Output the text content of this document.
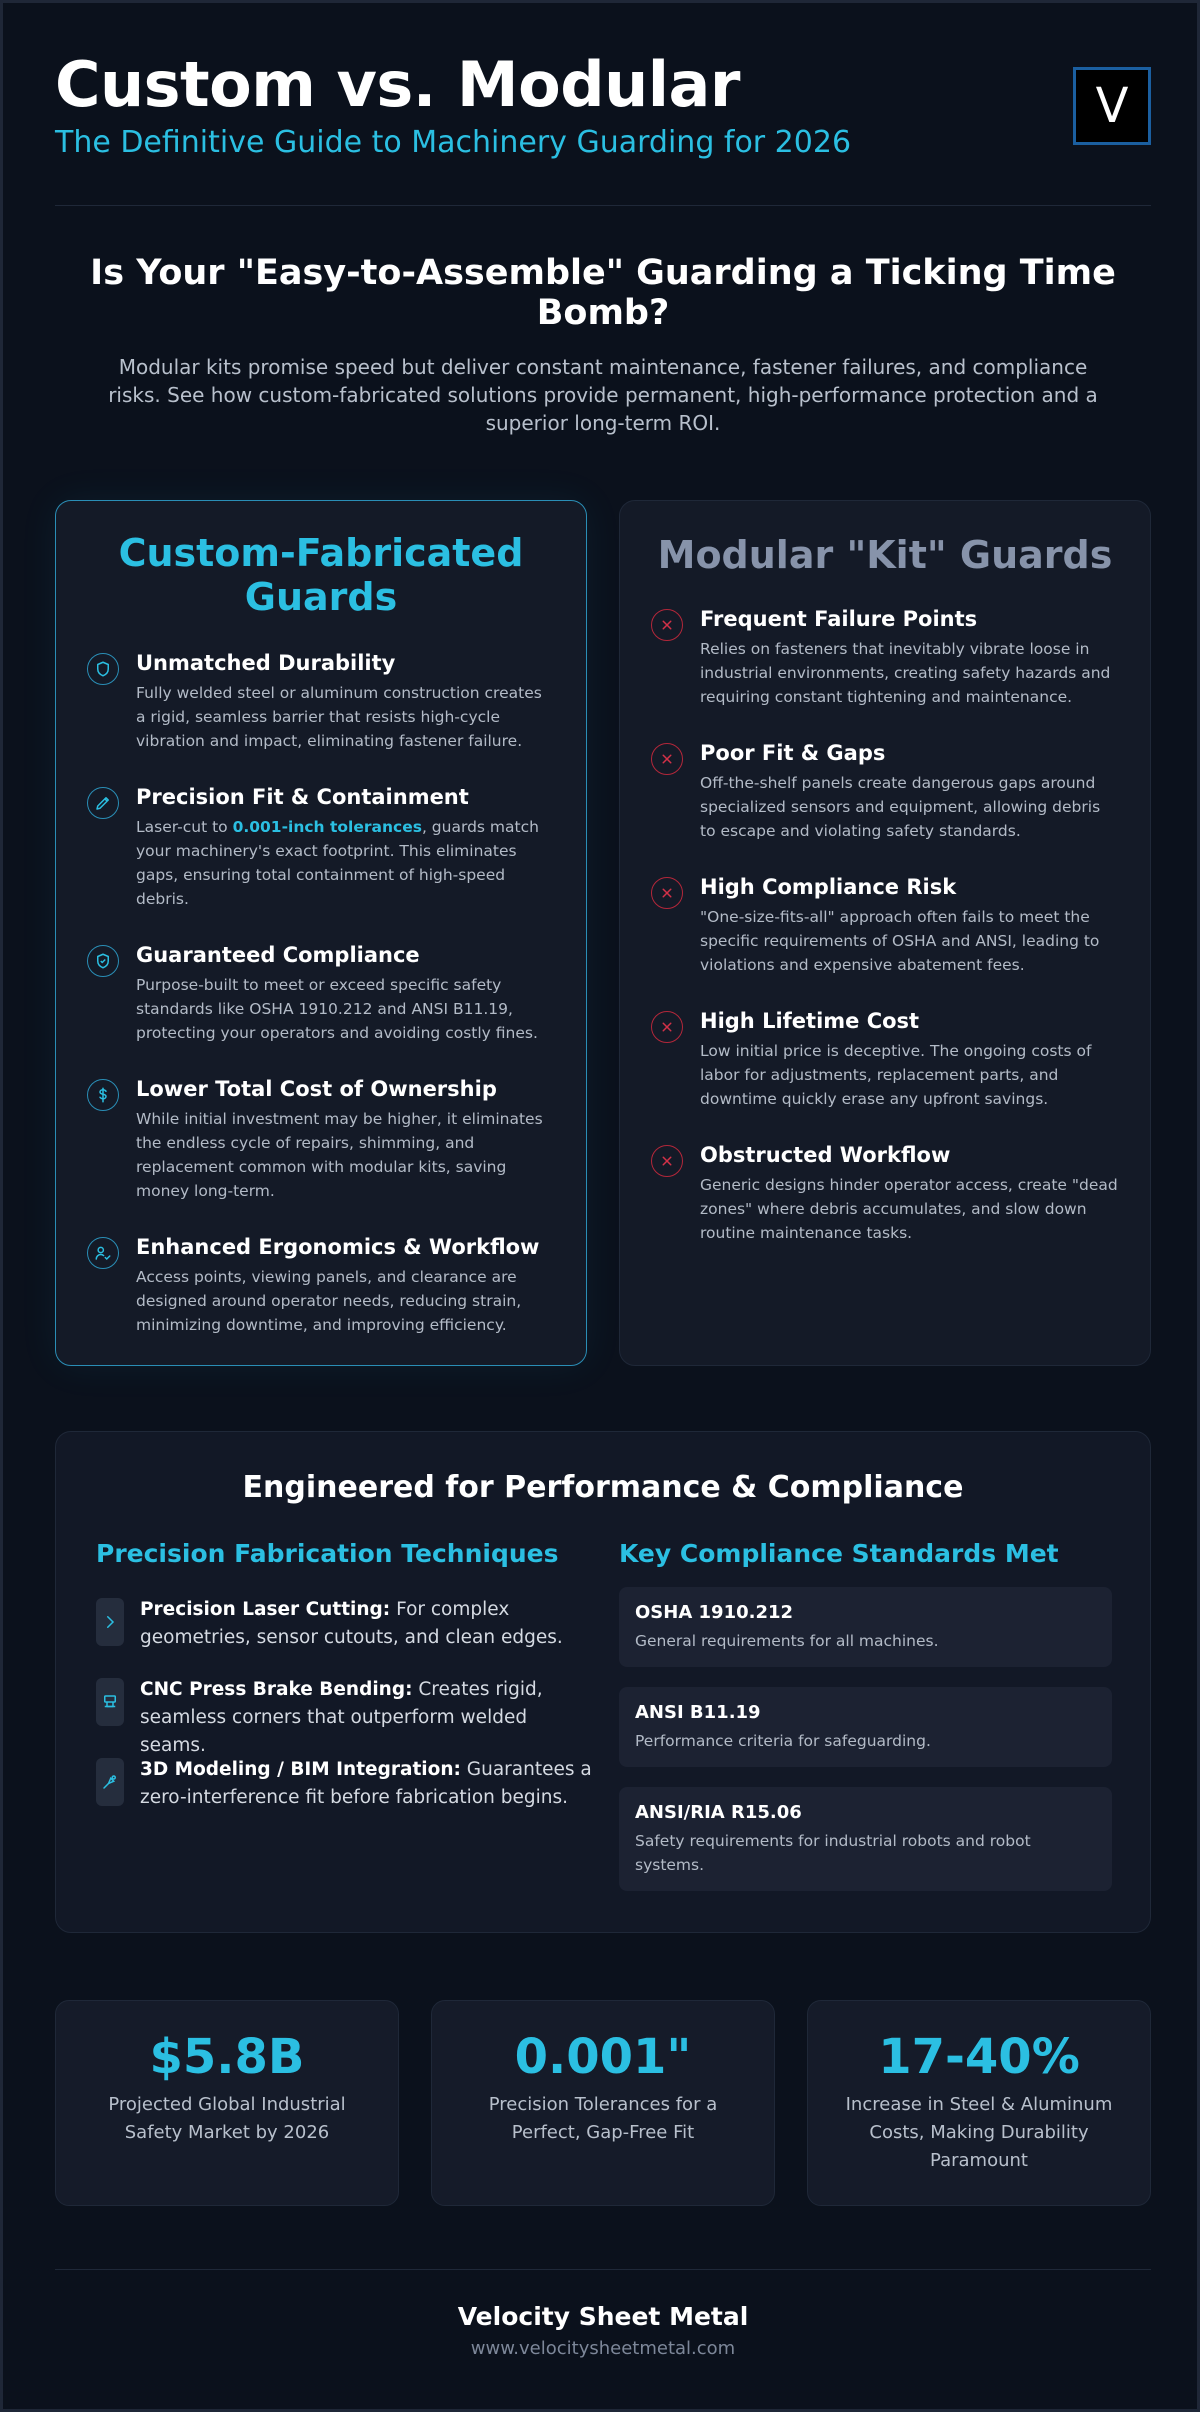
Custom vs. Modular
The Definitive Guide to Machinery Guarding for 2026
V
Is Your "Easy-to-Assemble" Guarding a Ticking Time Bomb?

Modular kits promise speed but deliver constant maintenance, fastener failures, and compliance risks. See how custom-fabricated solutions provide permanent, high-performance protection and a superior long-term ROI.

Custom-Fabricated Guards
Unmatched Durability

Fully welded steel or aluminum construction creates a rigid, seamless barrier that resists high-cycle vibration and impact, eliminating fastener failure.

Precision Fit & Containment

Laser-cut to 0.001-inch tolerances, guards match your machinery's exact footprint. This eliminates gaps, ensuring total containment of high-speed debris.

Guaranteed Compliance

Purpose-built to meet or exceed specific safety standards like OSHA 1910.212 and ANSI B11.19, protecting your operators and avoiding costly fines.

Lower Total Cost of Ownership

While initial investment may be higher, it eliminates the endless cycle of repairs, shimming, and replacement common with modular kits, saving money long-term.

Enhanced Ergonomics & Workflow

Access points, viewing panels, and clearance are designed around operator needs, reducing strain, minimizing downtime, and improving efficiency.

Modular "Kit" Guards
Frequent Failure Points

Relies on fasteners that inevitably vibrate loose in industrial environments, creating safety hazards and requiring constant tightening and maintenance.

Poor Fit & Gaps

Off-the-shelf panels create dangerous gaps around specialized sensors and equipment, allowing debris to escape and violating safety standards.

High Compliance Risk

"One-size-fits-all" approach often fails to meet the specific requirements of OSHA and ANSI, leading to violations and expensive abatement fees.

High Lifetime Cost

Low initial price is deceptive. The ongoing costs of labor for adjustments, replacement parts, and downtime quickly erase any upfront savings.

Obstructed Workflow

Generic designs hinder operator access, create "dead zones" where debris accumulates, and slow down routine maintenance tasks.

Engineered for Performance & Compliance
Precision Fabrication Techniques Key Compliance Standards Met
Precision Laser Cutting: For complex geometries, sensor cutouts, and clean edges.
CNC Press Brake Bending: Creates rigid, seamless corners that outperform welded seams.
3D Modeling / BIM Integration: Guarantees a zero-interference fit before fabrication begins.
OSHA 1910.212

General requirements for all machines.

ANSI B11.19

Performance criteria for safeguarding.

ANSI/RIA R15.06

Safety requirements for industrial robots and robot systems.

$5.8B
Projected Global Industrial Safety Market by 2026
0.001"
Precision Tolerances for a Perfect, Gap-Free Fit
17-40%
Increase in Steel & Aluminum Costs, Making Durability Paramount
Velocity Sheet Metal
www.velocitysheetmetal.com
